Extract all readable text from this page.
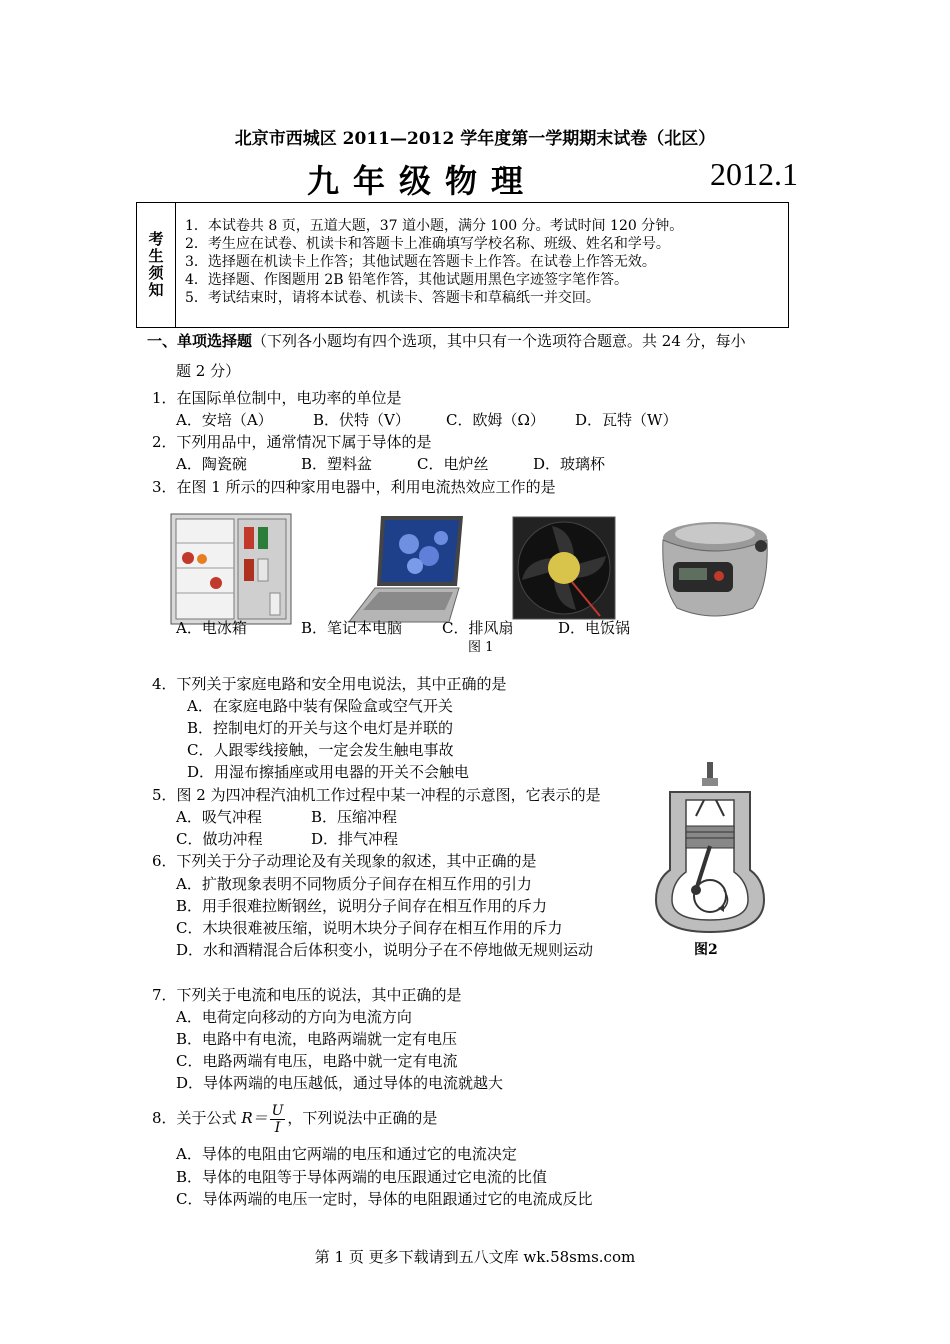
北京市西城区 2011—2012 学年度第一学期期末试卷（北区）
九年级物理	2012.1
考生须知
1．本试卷共 8 页，五道大题，37 道小题，满分 100 分。考试时间 120 分钟。
2．考生应在试卷、机读卡和答题卡上准确填写学校名称、班级、姓名和学号。
3．选择题在机读卡上作答；其他试题在答题卡上作答。在试卷上作答无效。
4．选择题、作图题用 2B 铅笔作答，其他试题用黑色字迹签字笔作答。
5．考试结束时，请将本试卷、机读卡、答题卡和草稿纸一并交回。
一、单项选择题（下列各小题均有四个选项，其中只有一个选项符合题意。共 24 分，每小
题 2 分）
1．在国际单位制中，电功率的单位是
A．安培（A）	B．伏特（V） C．欧姆（Ω） D．瓦特（W）
2．下列用品中，通常情况下属于导体的是
A．陶瓷碗	B．塑料盆	C．电炉丝	D．玻璃杯
3．在图 1 所示的四种家用电器中，利用电流热效应工作的是
A．电冰箱	B．笔记本电脑	C．排风扇	D．电饭锅
图 1
4．下列关于家庭电路和安全用电说法，其中正确的是
A．在家庭电路中装有保险盒或空气开关
B．控制电灯的开关与这个电灯是并联的
C．人跟零线接触，一定会发生触电事故
D．用湿布擦插座或用电器的开关不会触电
5．图 2 为四冲程汽油机工作过程中某一冲程的示意图，它表示的是
A．吸气冲程	B．压缩冲程
C．做功冲程	D．排气冲程
图2
6．下列关于分子动理论及有关现象的叙述，其中正确的是
A．扩散现象表明不同物质分子间存在相互作用的引力
B．用手很难拉断钢丝，说明分子间存在相互作用的斥力
C．木块很难被压缩，说明木块分子间存在相互作用的斥力
D．水和酒精混合后体积变小，说明分子在不停地做无规则运动
7．下列关于电流和电压的说法，其中正确的是
A．电荷定向移动的方向为电流方向
B．电路中有电流，电路两端就一定有电压
C．电路两端有电压，电路中就一定有电流
D．导体两端的电压越低，通过导体的电流就越大
8．关于公式 $R= \frac{U}{I}$ ，下列说法中正确的是
A．导体的电阻由它两端的电压和通过它的电流决定
B．导体的电阻等于导体两端的电压跟通过它电流的比值
C．导体两端的电压一定时，导体的电阻跟通过它的电流成反比
第 1 页 更多下载请到五八文库 wk.58sms.com
